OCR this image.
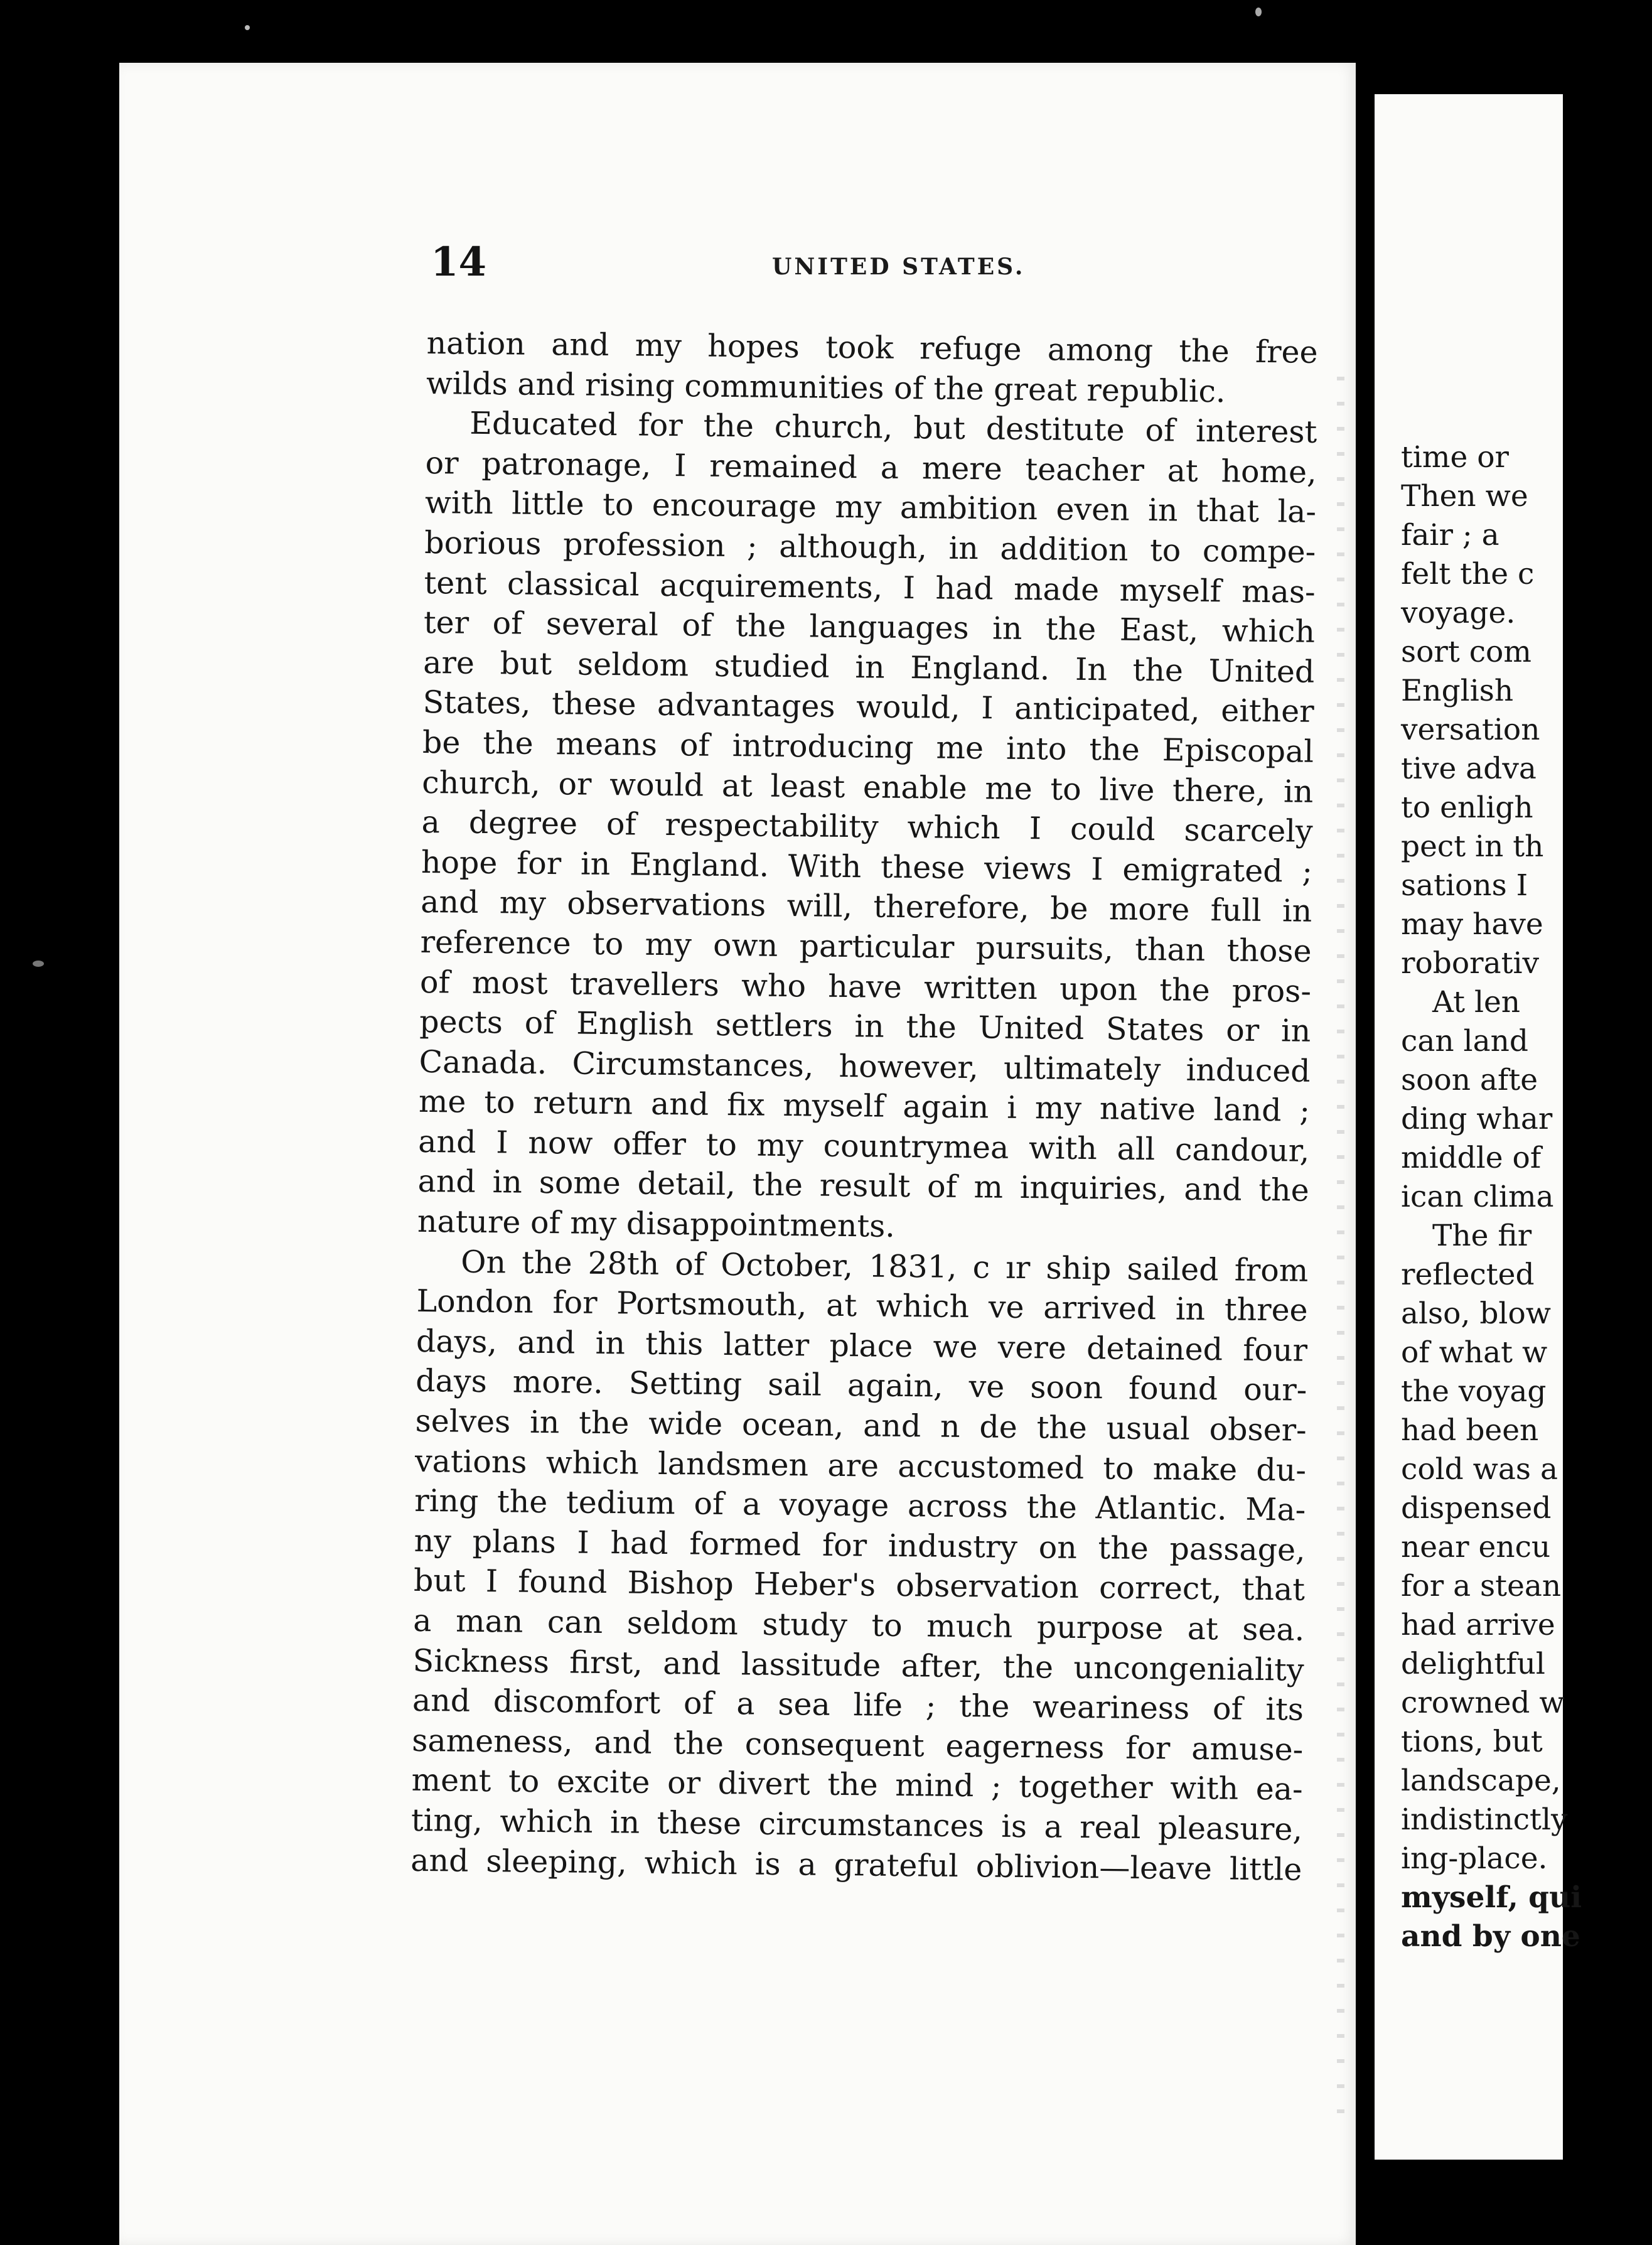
time or
Then we
fair ; a
felt the c
voyage.
sort com
English
versation
tive adva
to enligh
pect in th
sations I
may have
roborativ
At len
can land
soon afte
ding whar
middle of
ican clima
The fir
reflected
also, blow
of what w
the voyag
had been
cold was a
dispensed
near encu
for a stean
had arrive
delightful
crowned w
tions, but
landscape,
indistinctly
ing-place.
myself, qui
and by one
14	UNITED STATES.
nation and my hopes took refuge among the free
wilds and rising communities of the great republic.
Educated for the church, but destitute of interest
or patronage, I remained a mere teacher at home,
with little to encourage my ambition even in that la-
borious profession ; although, in addition to compe-
tent classical acquirements, I had made myself mas-
ter of several of the languages in the East, which
are but seldom studied in England. In the United
States, these advantages would, I anticipated, either
be the means of introducing me into the Episcopal
church, or would at least enable me to live there, in
a degree of respectability which I could scarcely
hope for in England. With these views I emigrated ;
and my observations will, therefore, be more full in
reference to my own particular pursuits, than those
of most travellers who have written upon the pros-
pects of English settlers in the United States or in
Canada. Circumstances, however, ultimately induced
me to return and fix myself again i my native land ;
and I now offer to my countrymea with all candour,
and in some detail, the result of m inquiries, and the
nature of my disappointments.
On the 28th of October, 1831, c ır ship sailed from
London for Portsmouth, at which ve arrived in three
days, and in this latter place we vere detained four
days more. Setting sail again, ve soon found our-
selves in the wide ocean, and n de the usual obser-
vations which landsmen are accustomed to make du-
ring the tedium of a voyage across the Atlantic. Ma-
ny plans I had formed for industry on the passage,
but I found Bishop Heber's observation correct, that
a man can seldom study to much purpose at sea.
Sickness first, and lassitude after, the uncongeniality
and discomfort of a sea life ; the weariness of its
sameness, and the consequent eagerness for amuse-
ment to excite or divert the mind ; together with ea-
ting, which in these circumstances is a real pleasure,
and sleeping, which is a grateful oblivion—leave little
